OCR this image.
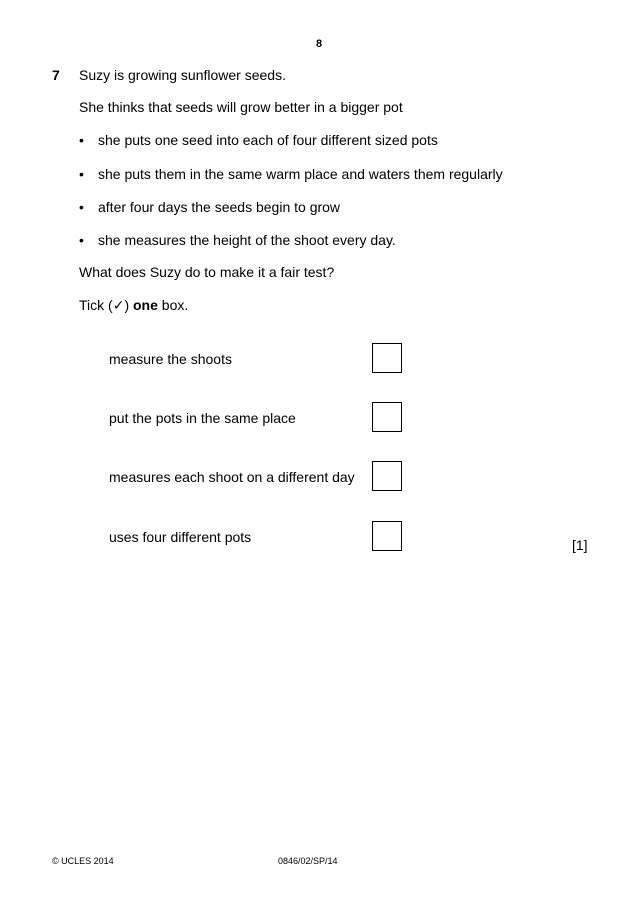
8
7 Suzy is growing sunflower seeds.
She thinks that seeds will grow better in a bigger pot
• she puts one seed into each of four different sized pots
• she puts them in the same warm place and waters them regularly
• after four days the seeds begin to grow
• she measures the height of the shoot every day.
What does Suzy do to make it a fair test?
Tick (✓) one box.
measure the shoots
put the pots in the same place
measures each shoot on a different day
uses four different pots	[1]
© UCLES 2014	0846/02/SP/14
